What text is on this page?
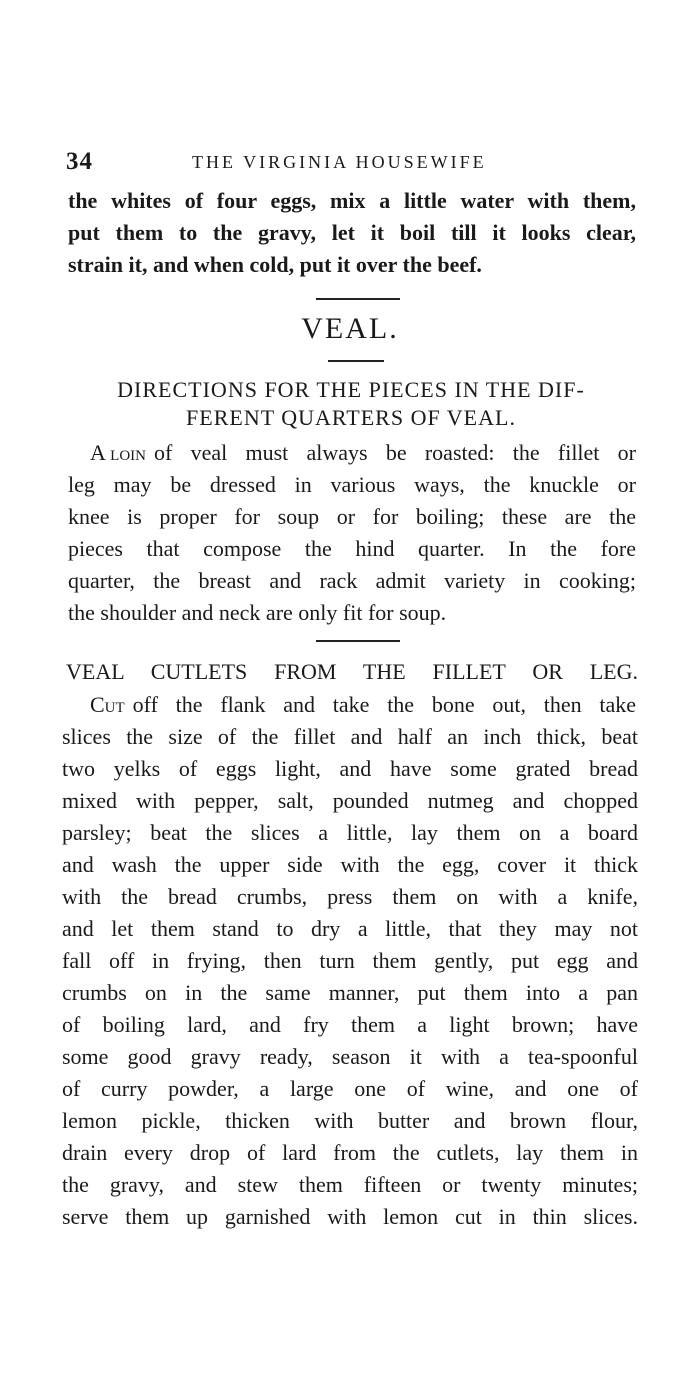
34	THE VIRGINIA HOUSEWIFE
the whites of four eggs, mix a little water with them,
put them to the gravy, let it boil till it looks clear,
strain it, and when cold, put it over the beef.
VEAL.
DIRECTIONS FOR THE PIECES IN THE DIF-
FERENT QUARTERS OF VEAL.
A loin of veal must always be roasted: the fillet or
leg may be dressed in various ways, the knuckle or
knee is proper for soup or for boiling; these are the
pieces that compose the hind quarter. In the fore
quarter, the breast and rack admit variety in cooking;
the shoulder and neck are only fit for soup.
VEAL CUTLETS FROM THE FILLET OR LEG.
Cut off the flank and take the bone out, then take
slices the size of the fillet and half an inch thick, beat
two yelks of eggs light, and have some grated bread
mixed with pepper, salt, pounded nutmeg and chopped
parsley; beat the slices a little, lay them on a board
and wash the upper side with the egg, cover it thick
with the bread crumbs, press them on with a knife,
and let them stand to dry a little, that they may not
fall off in frying, then turn them gently, put egg and
crumbs on in the same manner, put them into a pan
of boiling lard, and fry them a light brown; have
some good gravy ready, season it with a tea-spoonful
of curry powder, a large one of wine, and one of
lemon pickle, thicken with butter and brown flour,
drain every drop of lard from the cutlets, lay them in
the gravy, and stew them fifteen or twenty minutes;
serve them up garnished with lemon cut in thin slices.
